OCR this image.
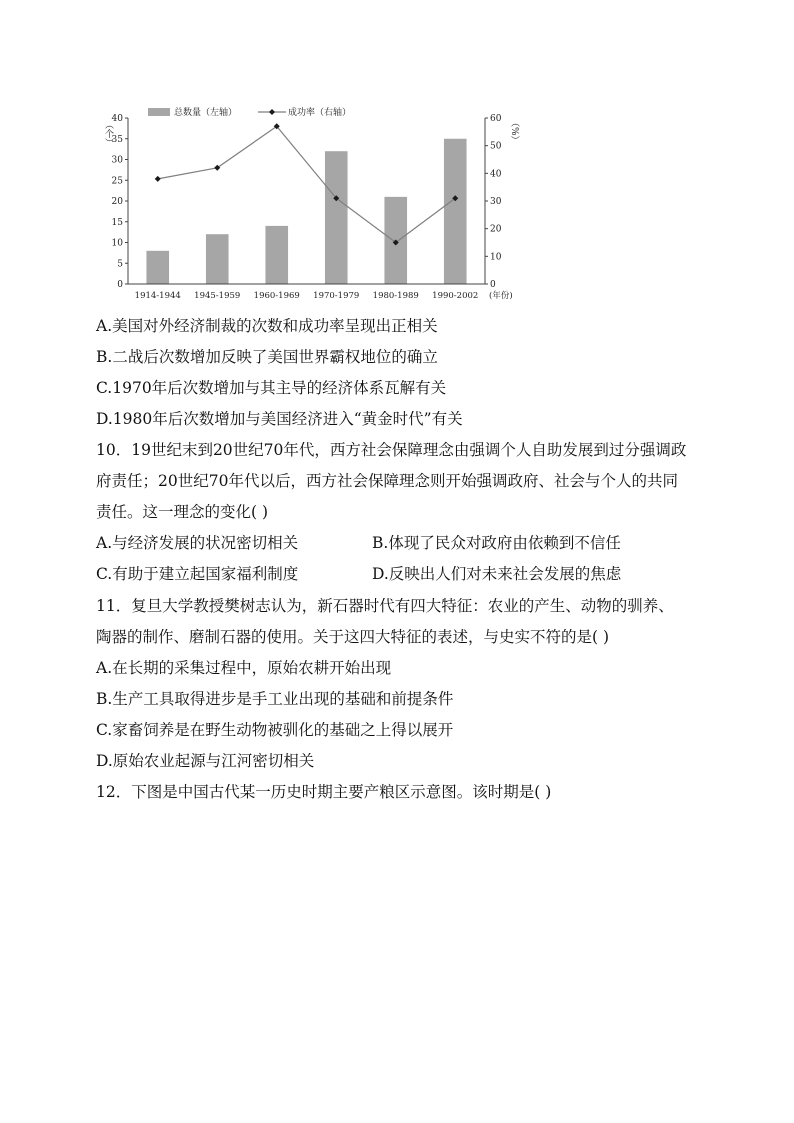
（个）	（%）
总数量（左轴）	成功率（右轴）
0
5
10
15
20
25
30
35
40
0
10
20
30
40
50
60
1914-1944 1945-1959 1960-1969 1970-1979 1980-1989 1990-2002 (年份)
A.美国对外经济制裁的次数和成功率呈现出正相关
B.二战后次数增加反映了美国世界霸权地位的确立
C.1970年后次数增加与其主导的经济体系瓦解有关
D.1980年后次数增加与美国经济进入“黄金时代”有关
10．19世纪末到20世纪70年代，西方社会保障理念由强调个人自助发展到过分强调政
府责任；20世纪70年代以后，西方社会保障理念则开始强调政府、社会与个人的共同
责任。这一理念的变化( )
A.与经济发展的状况密切相关	B.体现了民众对政府由依赖到不信任
C.有助于建立起国家福利制度	D.反映出人们对未来社会发展的焦虑
11．复旦大学教授樊树志认为，新石器时代有四大特征：农业的产生、动物的驯养、
陶器的制作、磨制石器的使用。关于这四大特征的表述，与史实不符的是( )
A.在长期的采集过程中，原始农耕开始出现
B.生产工具取得进步是手工业出现的基础和前提条件
C.家畜饲养是在野生动物被驯化的基础之上得以展开
D.原始农业起源与江河密切相关
12．下图是中国古代某一历史时期主要产粮区示意图。该时期是( )
